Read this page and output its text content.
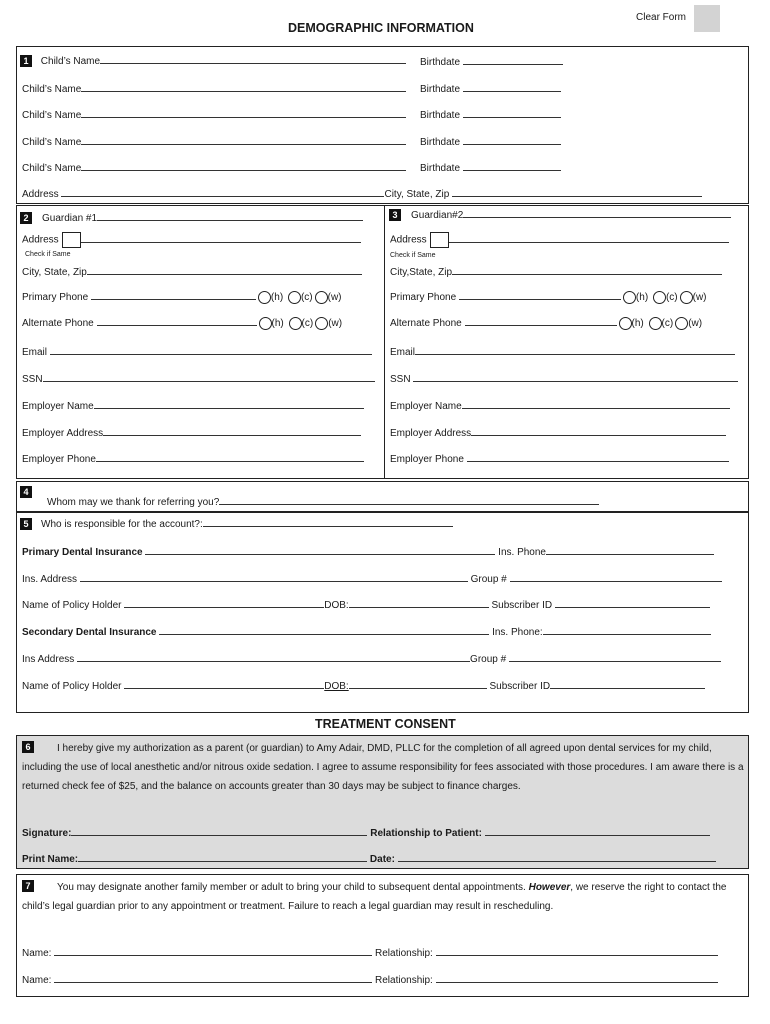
DEMOGRAPHIC INFORMATION
Clear Form
1 Child’s Name	Birthdate
Child’s Name	Birthdate
Child’s Name	Birthdate
Child’s Name	Birthdate
Child’s Name	Birthdate
Address	City, State, Zip
2 Guardian #1
Address
Check if Same
City, State, Zip
Primary Phone	(h) (c) (w)
Alternate Phone	(h) (c) (w)
Email
SSN
Employer Name
Employer Address
Employer Phone
3 Guardian#2
Address
Check if Same
City,State, Zip
Primary Phone	(h) (c) (w)
Alternate Phone	(h) (c) (w)
Email
SSN
Employer Name
Employer Address
Employer Phone
4
Whom may we thank for referring you?
5 Who is responsible for the account?:
Primary Dental Insurance	Ins. Phone
Ins. Address	Group #
Name of Policy Holder	DOB:	Subscriber ID
Secondary Dental Insurance	Ins. Phone:
Ins Address	Group #
Name of Policy Holder	DOB:	Subscriber ID
TREATMENT CONSENT
6	I hereby give my authorization as a parent (or guardian) to Amy Adair, DMD, PLLC for the completion of all agreed upon dental services for my child, including the use of local anesthetic and/or nitrous oxide sedation. I agree to assume responsibility for fees associated with those procedures. I am aware there is a returned check fee of $25, and the balance on accounts greater than 30 days may be subject to finance charges.
Signature:	Relationship to Patient:
Print Name:	Date:
7	You may designate another family member or adult to bring your child to subsequent dental appointments. However, we reserve the right to contact the child’s legal guardian prior to any appointment or treatment. Failure to reach a legal guardian may result in rescheduling.
Name:	Relationship:
Name:	Relationship:
